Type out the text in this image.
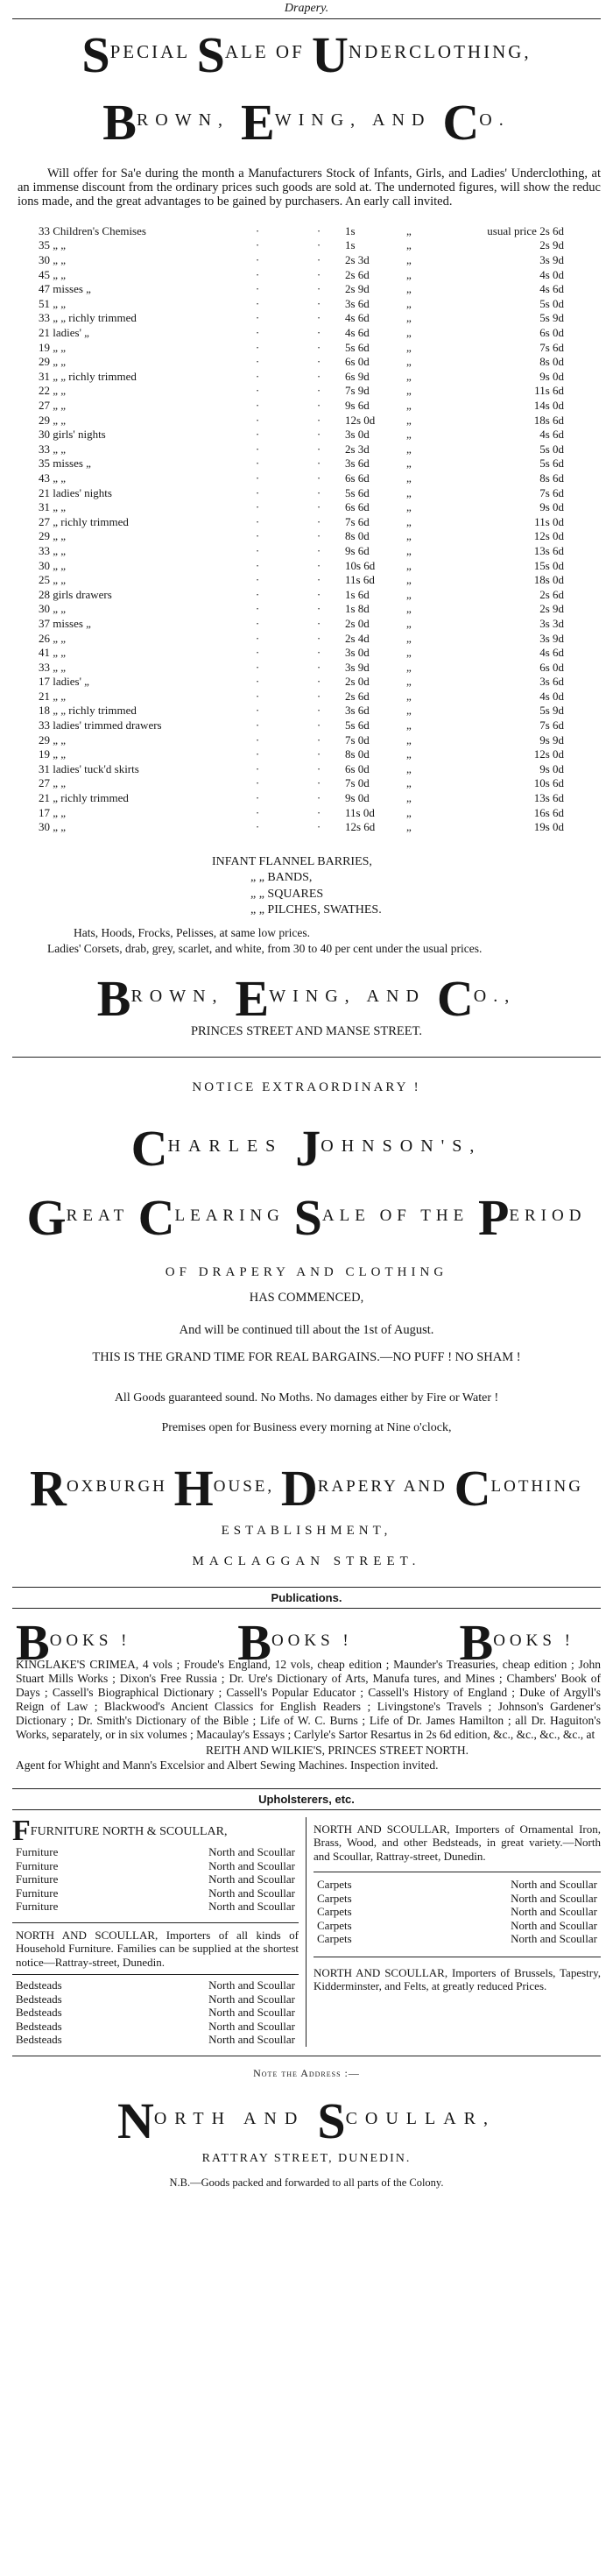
Drapery.
SPECIAL SALE OF UNDERCLOTHING,
BROWN, EWING, AND CO.

Will offer for Sa'e during the month a Manufacturers Stock of Infants, Girls, and Ladies' Underclothing, at an immense discount from the ordinary prices such goods are sold at. The undernoted figures, will show the reduc ions made, and the great advantages to be gained by purchasers. An early call invited.

33 Children's Chemises	·	·	1s	„	usual price 2s 6d
35 „ „	·	·	1s	„	2s 9d
30 „ „	·	·	2s 3d	„	3s 9d
45 „ „	·	·	2s 6d	„	4s 0d
47 misses „	·	·	2s 9d	„	4s 6d
51 „ „	·	·	3s 6d	„	5s 0d
33 „ „ richly trimmed	·	·	4s 6d	„	5s 9d
21 ladies' „	·	·	4s 6d	„	6s 0d
19 „ „	·	·	5s 6d	„	7s 6d
29 „ „	·	·	6s 0d	„	8s 0d
31 „ „ richly trimmed	·	·	6s 9d	„	9s 0d
22 „ „	·	·	7s 9d	„	11s 6d
27 „ „	·	·	9s 6d	„	14s 0d
29 „ „	·	·	12s 0d	„	18s 6d
30 girls' nights	·	·	3s 0d	„	4s 6d
33 „ „	·	·	2s 3d	„	5s 0d
35 misses „	·	·	3s 6d	„	5s 6d
43 „ „	·	·	6s 6d	„	8s 6d
21 ladies' nights	·	·	5s 6d	„	7s 6d
31 „ „	·	·	6s 6d	„	9s 0d
27 „ richly trimmed	·	·	7s 6d	„	11s 0d
29 „ „	·	·	8s 0d	„	12s 0d
33 „ „	·	·	9s 6d	„	13s 6d
30 „ „	·	·	10s 6d	„	15s 0d
25 „ „	·	·	11s 6d	„	18s 0d
28 girls drawers	·	·	1s 6d	„	2s 6d
30 „ „	·	·	1s 8d	„	2s 9d
37 misses „	·	·	2s 0d	„	3s 3d
26 „ „	·	·	2s 4d	„	3s 9d
41 „ „	·	·	3s 0d	„	4s 6d
33 „ „	·	·	3s 9d	„	6s 0d
17 ladies' „	·	·	2s 0d	„	3s 6d
21 „ „	·	·	2s 6d	„	4s 0d
18 „ „ richly trimmed	·	·	3s 6d	„	5s 9d
33 ladies' trimmed drawers	·	·	5s 6d	„	7s 6d
29 „ „	·	·	7s 0d	„	9s 9d
19 „ „	·	·	8s 0d	„	12s 0d
31 ladies' tuck'd skirts	·	·	6s 0d	„	9s 0d
27 „ „	·	·	7s 0d	„	10s 6d
21 „ richly trimmed	·	·	9s 0d	„	13s 6d
17 „ „	·	·	11s 0d	„	16s 6d
30 „ „	·	·	12s 6d	„	19s 0d
INFANT FLANNEL BARRIES,
„ „ BANDS,
„ „ SQUARES
„ „ PILCHES, SWATHES.

Hats, Hoods, Frocks, Pelisses, at same low prices.

Ladies' Corsets, drab, grey, scarlet, and white, from 30 to 40 per cent under the usual prices.

BROWN, EWING, AND CO.,

PRINCES STREET AND MANSE STREET.

NOTICE EXTRAORDINARY !

CHARLES JOHNSON'S,
GREAT CLEARING SALE OF THE PERIOD

OF DRAPERY AND CLOTHING

HAS COMMENCED,

And will be continued till about the 1st of August.

THIS IS THE GRAND TIME FOR REAL BARGAINS.—NO PUFF ! NO SHAM !

All Goods guaranteed sound. No Moths. No damages either by Fire or Water !

Premises open for Business every morning at Nine o'clock,

ROXBURGH HOUSE, DRAPERY AND CLOTHING

ESTABLISHMENT,

MACLAGGAN STREET.

Publications.
BOOKS ! BOOKS ! BOOKS !

KINGLAKE'S CRIMEA, 4 vols ; Froude's England, 12 vols, cheap edition ; Maunder's Treasuries, cheap edition ; John Stuart Mills Works ; Dixon's Free Russia ; Dr. Ure's Dictionary of Arts, Manufa tures, and Mines ; Chambers' Book of Days ; Cassell's Biographical Dictionary ; Cassell's Popular Educator ; Cassell's History of England ; Duke of Argyll's Reign of Law ; Blackwood's Ancient Classics for English Readers ; Livingstone's Travels ; Johnson's Gardener's Dictionary ; Dr. Smith's Dictionary of the Bible ; Life of W. C. Burns ; Life of Dr. James Hamilton ; all Dr. Haguiton's Works, separately, or in six volumes ; Macaulay's Essays ; Carlyle's Sartor Resartus in 2s 6d edition, &c., &c., &c., &c., at

REITH AND WILKIE'S, PRINCES STREET NORTH.

Agent for Whight and Mann's Excelsior and Albert Sewing Machines. Inspection invited.

Upholsterers, etc.
FFURNITURE NORTH & SCOULLAR,
Furniture	North and Scoullar
Furniture	North and Scoullar
Furniture	North and Scoullar
Furniture	North and Scoullar
Furniture	North and Scoullar

NORTH AND SCOULLAR, Importers of all kinds of Household Furniture. Families can be supplied at the shortest notice—Rattray-street, Dunedin.

Bedsteads	North and Scoullar
Bedsteads	North and Scoullar
Bedsteads	North and Scoullar
Bedsteads	North and Scoullar
Bedsteads	North and Scoullar

NORTH AND SCOULLAR, Importers of Ornamental Iron, Brass, Wood, and other Bedsteads, in great variety.—North and Scoullar, Rattray-street, Dunedin.

Carpets	North and Scoullar
Carpets	North and Scoullar
Carpets	North and Scoullar
Carpets	North and Scoullar
Carpets	North and Scoullar

NORTH AND SCOULLAR, Importers of Brussels, Tapestry, Kidderminster, and Felts, at greatly reduced Prices.

Note the Address :—

NORTH AND SCOULLAR,

RATTRAY STREET, DUNEDIN.

N.B.—Goods packed and forwarded to all parts of the Colony.
